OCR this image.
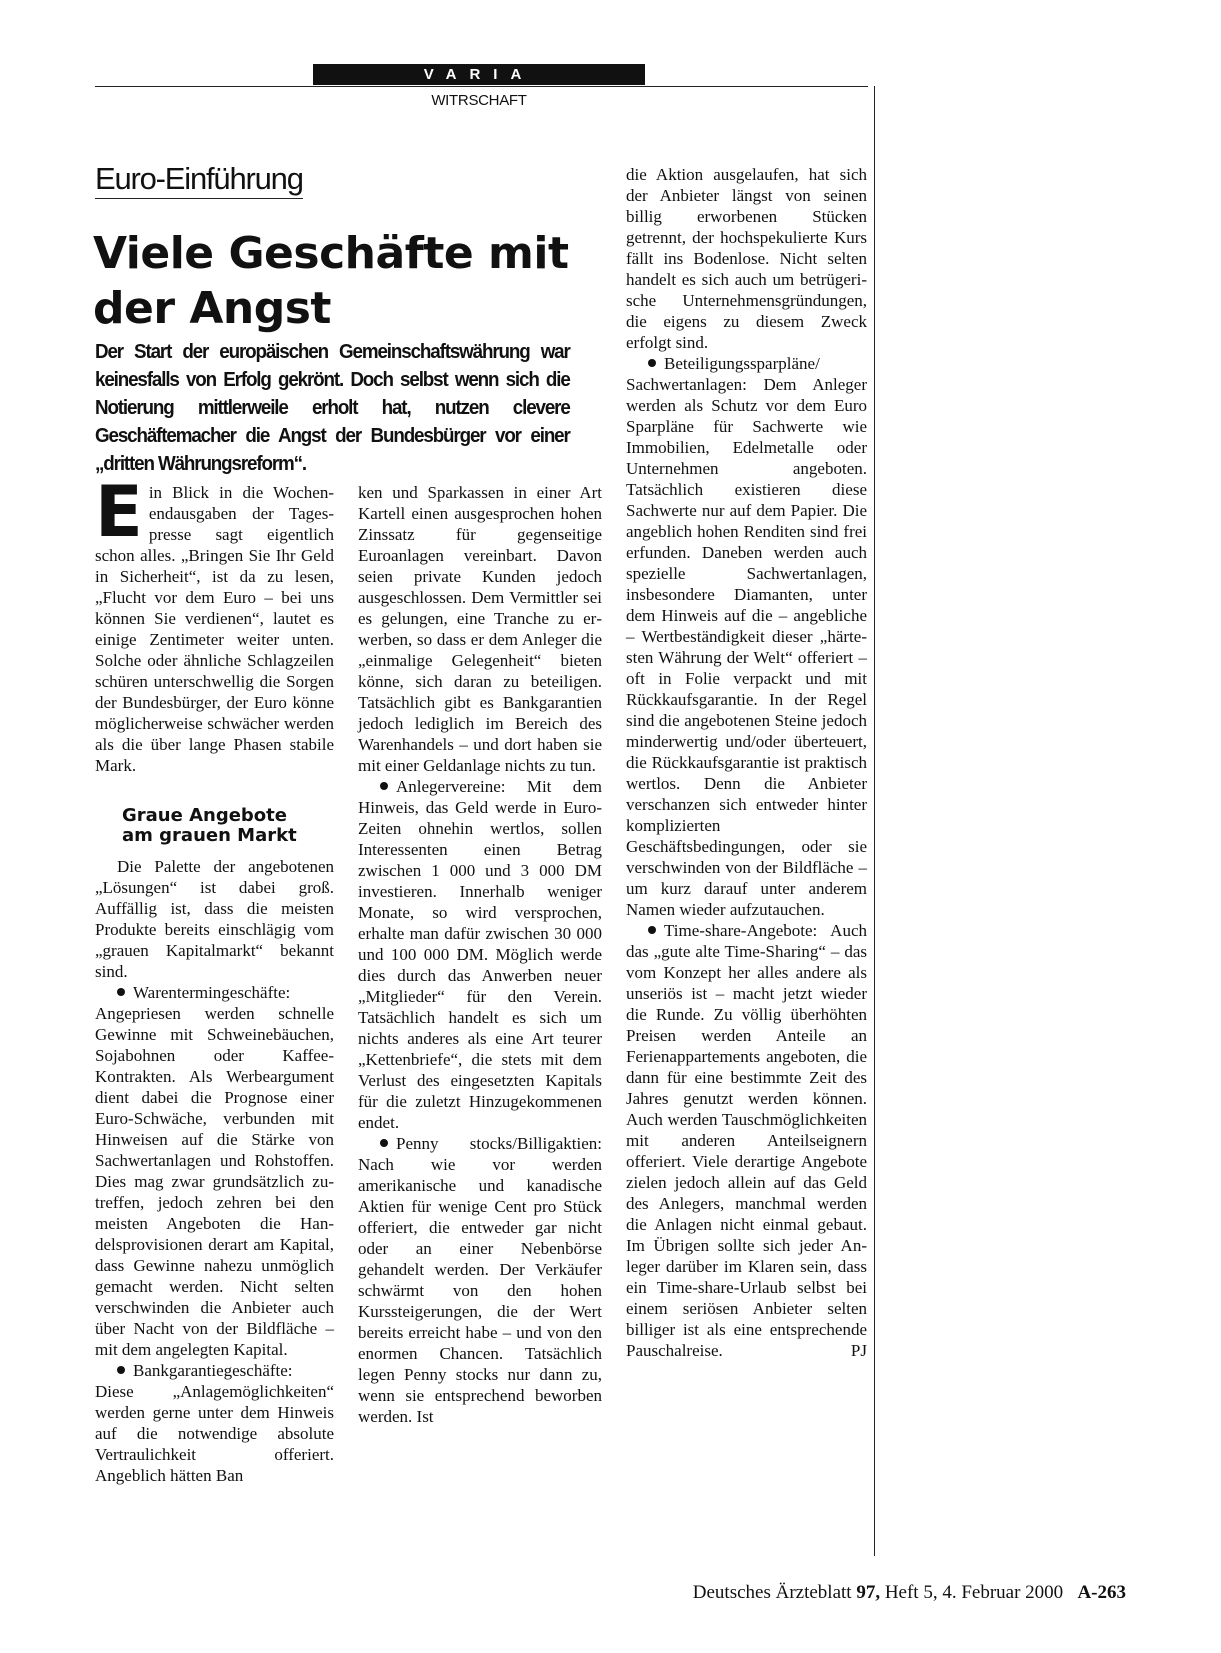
VARIA
WITRSCHAFT
Euro-Einführung
Viele Geschäfte mit
der Angst

Der Start der europäischen Gemeinschaftswährung war keinesfalls von Erfolg gekrönt. Doch selbst wenn sich die Notierung mittlerweile erholt hat, nutzen clevere Geschäftemacher die Angst der Bundesbürger vor einer „dritten Währungsreform“.

Ein Blick in die Wochenendausgaben der Tagespresse sagt eigentlich schon alles. „Bringen Sie Ihr Geld in Sicherheit“, ist da zu lesen, „Flucht vor dem Euro – bei uns können Sie verdienen“, lautet es einige Zentimeter weiter unten. Solche oder ähnliche Schlagzeilen schüren unterschwellig die Sorgen der Bundesbürger, der Euro könne möglicherweise schwächer werden als die über lange Phasen stabile Mark.

Graue Angebote
am grauen Markt

Die Palette der angebotenen „Lösungen“ ist dabei groß. Auffällig ist, dass die meisten Produkte bereits einschlägig vom „grauen Kapitalmarkt“ bekannt sind.

Warentermingeschäfte: Angepriesen werden schnelle Gewinne mit Schweinebäuchen, Sojabohnen oder Kaffee-Kontrakten. Als Werbeargument dient dabei die Prognose einer Euro-Schwäche, verbunden mit Hinweisen auf die Stärke von Sachwertanlagen und Rohstoffen. Dies mag zwar grundsätzlich zutreffen, jedoch zehren bei den meisten Angeboten die Handelsprovisionen derart am Kapital, dass Gewinne nahezu unmöglich gemacht werden. Nicht selten verschwinden die Anbieter auch über Nacht von der Bildfläche – mit dem angelegten Kapital.

Bankgarantiegeschäfte: Diese „Anlagemöglichkeiten“ werden gerne unter dem Hinweis auf die notwendige absolute Vertraulichkeit offeriert. Angeblich hätten Ban

ken und Sparkassen in einer Art Kartell einen ausgesprochen hohen Zinssatz für gegenseitige Euroanlagen vereinbart. Davon seien private Kunden jedoch ausgeschlossen. Dem Vermittler sei es gelungen, eine Tranche zu erwerben, so dass er dem Anleger die „einmalige Gelegenheit“ bieten könne, sich daran zu beteiligen. Tatsächlich gibt es Bankgarantien jedoch lediglich im Bereich des Warenhandels – und dort haben sie mit einer Geldanlage nichts zu tun.

Anlegervereine: Mit dem Hinweis, das Geld werde in Euro-Zeiten ohnehin wertlos, sollen Interessenten einen Betrag zwischen 1 000 und 3 000 DM investieren. Innerhalb weniger Monate, so wird versprochen, erhalte man dafür zwischen 30 000 und 100 000 DM. Möglich werde dies durch das Anwerben neuer „Mitglieder“ für den Verein. Tatsächlich handelt es sich um nichts anderes als eine Art teurer „Kettenbriefe“, die stets mit dem Verlust des eingesetzten Kapitals für die zuletzt Hinzugekommenen endet.

Penny stocks/Billigaktien: Nach wie vor werden amerikanische und kanadische Aktien für wenige Cent pro Stück offeriert, die entweder gar nicht oder an einer Nebenbörse gehandelt werden. Der Verkäufer schwärmt von den hohen Kurssteigerungen, die der Wert bereits erreicht habe – und von den enormen Chancen. Tatsächlich legen Penny stocks nur dann zu, wenn sie entsprechend beworben werden. Ist

die Aktion ausgelaufen, hat sich der Anbieter längst von seinen billig erworbenen Stücken getrennt, der hochspekulierte Kurs fällt ins Bodenlose. Nicht selten handelt es sich auch um betrügerische Unternehmensgründungen, die eigens zu diesem Zweck erfolgt sind.

Beteiligungssparpläne/ Sachwertanlagen: Dem Anleger werden als Schutz vor dem Euro Sparpläne für Sachwerte wie Immobilien, Edelmetalle oder Unternehmen angeboten. Tatsächlich existieren diese Sachwerte nur auf dem Papier. Die angeblich hohen Renditen sind frei erfunden. Daneben werden auch spezielle Sachwertanlagen, insbesondere Diamanten, unter dem Hinweis auf die – angebliche – Wertbeständigkeit dieser „härtesten Währung der Welt“ offeriert – oft in Folie verpackt und mit Rückkaufsgarantie. In der Regel sind die angebotenen Steine jedoch minderwertig und/oder überteuert, die Rückkaufsgarantie ist praktisch wertlos. Denn die Anbieter verschanzen sich entweder hinter komplizierten Geschäftsbedingungen, oder sie verschwinden von der Bildfläche – um kurz darauf unter anderem Namen wieder aufzutauchen.

Time-share-Angebote: Auch das „gute alte Time-Sharing“ – das vom Konzept her alles andere als unseriös ist – macht jetzt wieder die Runde. Zu völlig überhöhten Preisen werden Anteile an Ferienappartements angeboten, die dann für eine bestimmte Zeit des Jahres genutzt werden können. Auch werden Tauschmöglichkeiten mit anderen Anteilseignern offeriert. Viele derartige Angebote zielen jedoch allein auf das Geld des Anlegers, manchmal werden die Anlagen nicht einmal gebaut. Im Übrigen sollte sich jeder Anleger darüber im Klaren sein, dass ein Time-share-Urlaub selbst bei einem seriösen Anbieter selten billiger ist als eine entsprechende Pauschalreise.	PJ

Deutsches Ärzteblatt 97, Heft 5, 4. Februar 2000 A-263
